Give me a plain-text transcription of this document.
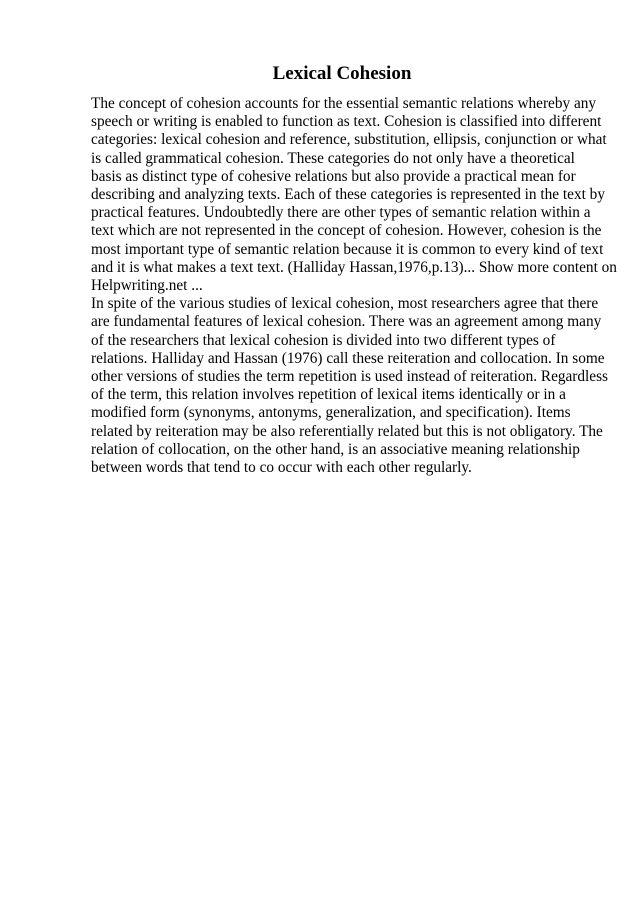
Lexical Cohesion
The concept of cohesion accounts for the essential semantic relations whereby any
speech or writing is enabled to function as text. Cohesion is classified into different
categories: lexical cohesion and reference, substitution, ellipsis, conjunction or what
is called grammatical cohesion. These categories do not only have a theoretical
basis as distinct type of cohesive relations but also provide a practical mean for
describing and analyzing texts. Each of these categories is represented in the text by
practical features. Undoubtedly there are other types of semantic relation within a
text which are not represented in the concept of cohesion. However, cohesion is the
most important type of semantic relation because it is common to every kind of text
and it is what makes a text text. (Halliday Hassan,1976,p.13)... Show more content on
Helpwriting.net ...
In spite of the various studies of lexical cohesion, most researchers agree that there
are fundamental features of lexical cohesion. There was an agreement among many
of the researchers that lexical cohesion is divided into two different types of
relations. Halliday and Hassan (1976) call these reiteration and collocation. In some
other versions of studies the term repetition is used instead of reiteration. Regardless
of the term, this relation involves repetition of lexical items identically or in a
modified form (synonyms, antonyms, generalization, and specification). Items
related by reiteration may be also referentially related but this is not obligatory. The
relation of collocation, on the other hand, is an associative meaning relationship
between words that tend to co occur with each other regularly.
